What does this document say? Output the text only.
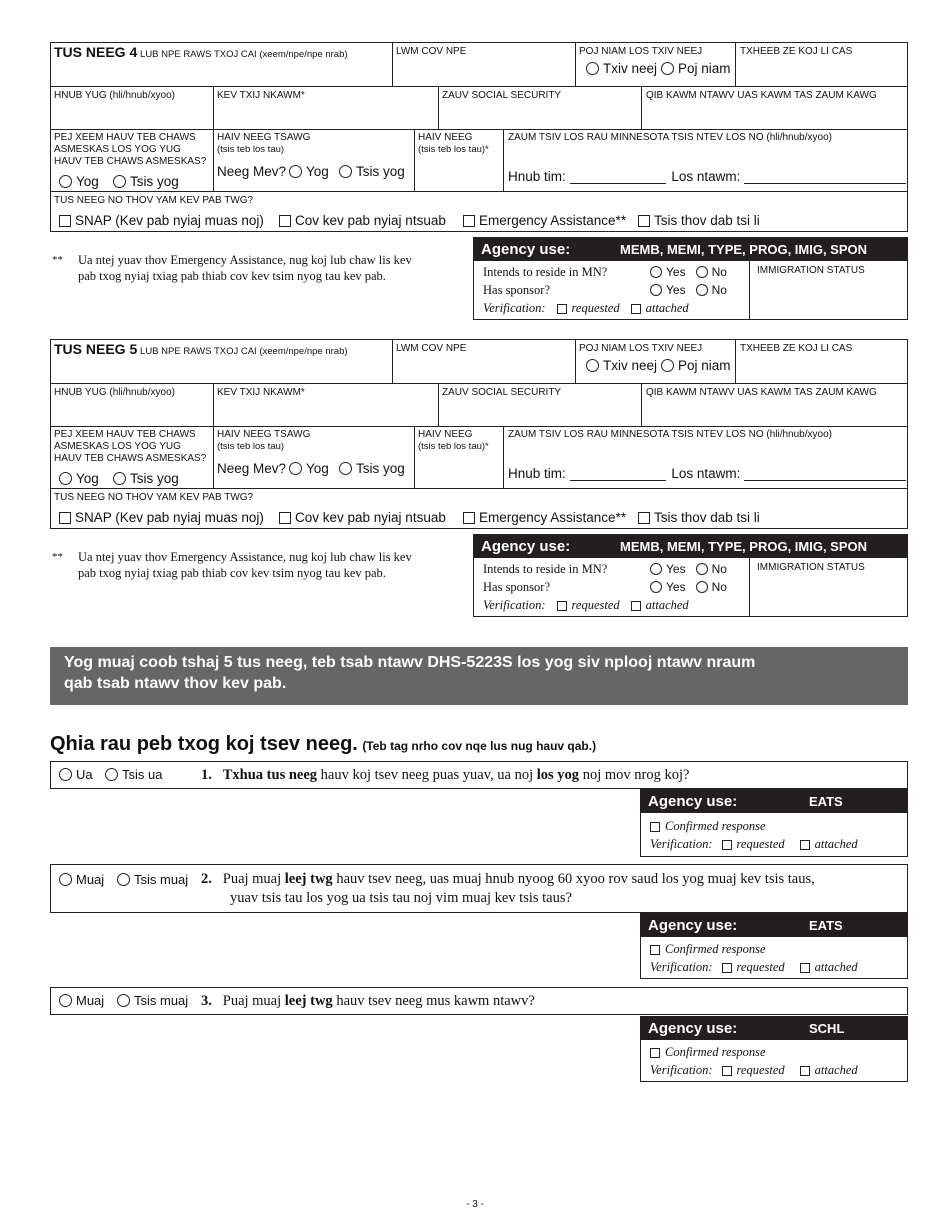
TUS NEEG 4 LUB NPE RAWS TXOJ CAI (xeem/npe/npe nrab)	LWM COV NPE	POJ NIAM LOS TXIV NEEJ
Txiv neej Poj niam
TXHEEB ZE KOJ LI CAS
HNUB YUG (hli/hnub/xyoo)	KEV TXIJ NKAWM*	ZAUV SOCIAL SECURITY	QIB KAWM NTAWV UAS KAWM TAS ZAUM KAWG
PEJ XEEM HAUV TEB CHAWS
ASMESKAS LOS YOG YUG
HAUV TEB CHAWS ASMESKAS?
Yog Tsis yog
HAIV NEEG TSAWG
(tsis teb los tau)
Neeg Mev? Yog Tsis yog
HAIV NEEG
(tsis teb los tau)*
ZAUM TSIV LOS RAU MINNESOTA TSIS NTEV LOS NO (hli/hnub/xyoo)
Hnub tim:	Los ntawm:
TUS NEEG NO THOV YAM KEV PAB TWG?
SNAP (Kev pab nyiaj muas noj) Cov kev pab nyiaj ntsuab Emergency Assistance** Tsis thov dab tsi li
**	Ua ntej yuav thov Emergency Assistance, nug koj lub chaw lis kev
pab txog nyiaj txiag pab thiab cov kev tsim nyog tau kev pab.
Agency use:	MEMB, MEMI, TYPE, PROG, IMIG, SPON
Intends to reside in MN?	Yes No
Has sponsor?	Yes No
Verification: requested attached
IMMIGRATION STATUS
TUS NEEG 5 LUB NPE RAWS TXOJ CAI (xeem/npe/npe nrab)	LWM COV NPE	POJ NIAM LOS TXIV NEEJ
Txiv neej Poj niam
TXHEEB ZE KOJ LI CAS
HNUB YUG (hli/hnub/xyoo)	KEV TXIJ NKAWM*	ZAUV SOCIAL SECURITY	QIB KAWM NTAWV UAS KAWM TAS ZAUM KAWG
PEJ XEEM HAUV TEB CHAWS
ASMESKAS LOS YOG YUG
HAUV TEB CHAWS ASMESKAS?
Yog Tsis yog
HAIV NEEG TSAWG
(tsis teb los tau)
Neeg Mev? Yog Tsis yog
HAIV NEEG
(tsis teb los tau)*
ZAUM TSIV LOS RAU MINNESOTA TSIS NTEV LOS NO (hli/hnub/xyoo)
Hnub tim:	Los ntawm:
TUS NEEG NO THOV YAM KEV PAB TWG?
SNAP (Kev pab nyiaj muas noj) Cov kev pab nyiaj ntsuab Emergency Assistance** Tsis thov dab tsi li
**	Ua ntej yuav thov Emergency Assistance, nug koj lub chaw lis kev
pab txog nyiaj txiag pab thiab cov kev tsim nyog tau kev pab.
Agency use:	MEMB, MEMI, TYPE, PROG, IMIG, SPON
Intends to reside in MN?	Yes No
Has sponsor?	Yes No
Verification: requested attached
IMMIGRATION STATUS
Yog muaj coob tshaj 5 tus neeg, teb tsab ntawv DHS-5223S los yog siv nplooj ntawv nraum
qab tsab ntawv thov kev pab.
Qhia rau peb txog koj tsev neeg. (Teb tag nrho cov nqe lus nug hauv qab.)
Ua Tsis ua	1. Txhua tus neeg hauv koj tsev neeg puas yuav, ua noj los yog noj mov nrog koj?
Agency use:	EATS
Confirmed response
Verification: requested attached
Muaj Tsis muaj 2. Puaj muaj leej twg hauv tsev neeg, uas muaj hnub nyoog 60 xyoo rov saud los yog muaj kev tsis taus,
yuav tsis tau los yog ua tsis tau noj vim muaj kev tsis taus?
Agency use:	EATS
Confirmed response
Verification: requested attached
Muaj Tsis muaj 3. Puaj muaj leej twg hauv tsev neeg mus kawm ntawv?
Agency use:	SCHL
Confirmed response
Verification: requested attached
- 3 -
